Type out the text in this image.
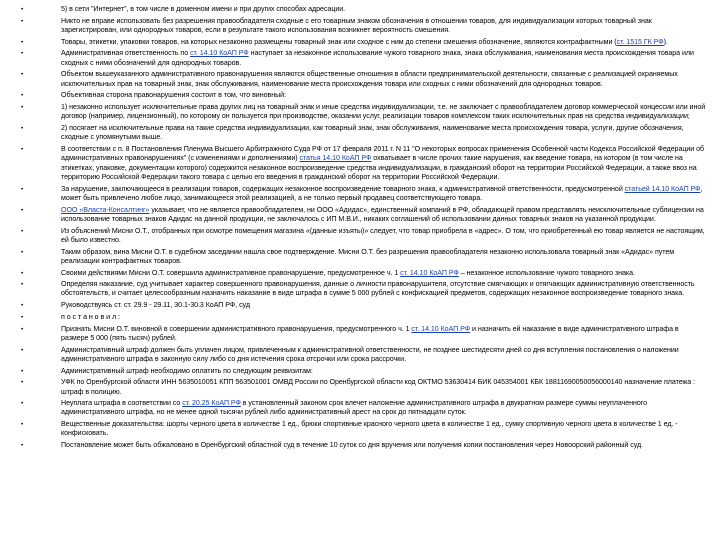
• 5) в сети "Интернет", в том числе в доменном имени и при других способах адресации.
• Никто не вправе использовать без разрешения правообладателя сходные с его товарным знаком обозначения в отношении товаров, для индивидуализации которых товарный знак зарегистрирован, или однородных товаров, если в результате такого использования возникнет вероятность смешения.
• Товары, этикетки, упаковки товаров, на которых незаконно размещены товарный знак или сходное с ним до степени смешения обозначение, являются контрафактными (ст. 1515 ГК РФ).
• Административная ответственность по ст. 14.10 КоАП РФ наступает за незаконное использование чужого товарного знака, знака обслуживания, наименования места происхождения товара или сходных с ними обозначений для однородных товаров.
• Объектом вышеуказанного административного правонарушения являются общественные отношения в области предпринимательской деятельности, связанные с реализацией охраняемых исключительных прав на товарный знак, знак обслуживания, наименование места происхождения товара или сходных с ними обозначений для однородных товаров.
• Объективная сторона правонарушения состоит в том, что виновный:
• 1) незаконно использует исключительные права других лиц на товарный знак и иные средства индивидуализации, т.е. не заключает с правообладателем договор коммерческой концессии или иной договор (например, лицензионный), по которому он пользуется при производстве, оказании услуг, реализации товаров комплексом таких исключительных прав на средства индивидуализации;
• 2) посягает на исключительные права на такие средства индивидуализации, как товарный знак, знак обслуживания, наименование места происхождения товара, услуги, другие обозначения, сходные с упомянутыми выше.
• В соответствии с п. 8 Постановления Пленума Высшего Арбитражного Суда РФ от 17 февраля 2011 г. N 11 "О некоторых вопросах применения Особенной части Кодекса Российской Федерации об административных правонарушениях" (с изменениями и дополнениями) статья 14.10 КоАП РФ охватывает в числе прочих такие нарушения, как введение товара, на котором (в том числе на этикетках, упаковке, документации которого) содержится незаконное воспроизведение средства индивидуализации, в гражданский оборот на территории Российской Федерации, а также ввоз на территорию Российской Федерации такого товара с целью его введения в гражданский оборот на территории Российской Федерации.
• За нарушение, заключающееся в реализации товаров, содержащих незаконное воспроизведение товарного знака, к административной ответственности, предусмотренной статьей 14.10 КоАП РФ, может быть привлечено любое лицо, занимающееся этой реализацией, а не только первый продавец соответствующего товара.
• ООО «Власта-Консалтинг» указывает, что не является правообладателем, ни ООО «Адидас», единственный компаний в РФ, обладающей правом представлять неисключительные сублицензии на использование товарных знаков Адидас на данной продукции, не заключалось с ИП М.В.И., никаких соглашений об использовании данных товарных знаков на указанной продукции.
• Из объяснений Мисни О.Т., отобранных при осмотре помещения магазина «(данные изъяты)» следует, что товар приобрела в «адрес». О том, что приобретенный ею товар является не настоящим, ей было известно.
• Таким образом, вина Мисни О.Т. в судебном заседании нашла свое подтверждение. Мисни О.Т. без разрешения правообладателя незаконно использовала товарный знак «Адидас» путем реализации контрафактных товаров.
• Своими действиями Мисни О.Т. совершила административное правонарушение, предусмотренное ч. 1 ст. 14.10 КоАП РФ – незаконное использование чужого товарного знака.
• Определяя наказание, суд учитывает характер совершенного правонарушения, данные о личности правонарушителя, отсутствие смягчающих и отягчающих административную ответственность обстоятельств, и считает целесообразным назначить наказание в виде штрафа в сумме 5 000 рублей с конфискацией предметов, содержащих незаконное воспроизведение товарного знака.
• Руководствуясь ст. ст. 29.9 - 29.11, 30.1-30.3 КоАП РФ, суд
• п о с т а н о в и л :
• Признать Мисни О.Т. виновной в совершении административного правонарушения, предусмотренного ч. 1 ст. 14.10 КоАП РФ и назначить ей наказание в виде административного штрафа в размере 5 000 (пять тысяч) рублей.
• Административный штраф должен быть уплачен лицом, привлеченным к административной ответственности, не позднее шестидесяти дней со дня вступления постановления о наложении административного штрафа в законную силу либо со дня истечения срока отсрочки или срока рассрочки.
• Административный штраф необходимо оплатить по следующим реквизитам:
• УФК по Оренбургской области ИНН 5635010051 КПП 563501001 ОМВД России по Оренбургской области код ОКТМО 53630414 БИК 045354001 КБК 18811690050056000140 назначение платежа : штраф в полицию.
• Неуплата штрафа в соответствии со ст. 20.25 КоАП РФ в установленный законом срок влечет наложение административного штрафа в двукратном размере суммы неуплаченного административного штрафа, но не менее одной тысячи рублей либо административный арест на срок до пятнадцати суток.
• Вещественные доказательства: шорты черного цвета в количестве 1 ед., брюки спортивные красного черного цвета в количестве 1 ед., сумку спортивную черного цвета в количестве 1 ед. - конфисковать.
• Постановление может быть обжаловано в Оренбургский областной суд в течение 10 суток со дня вручения или получения копии постановления через Новоорский районный суд.
